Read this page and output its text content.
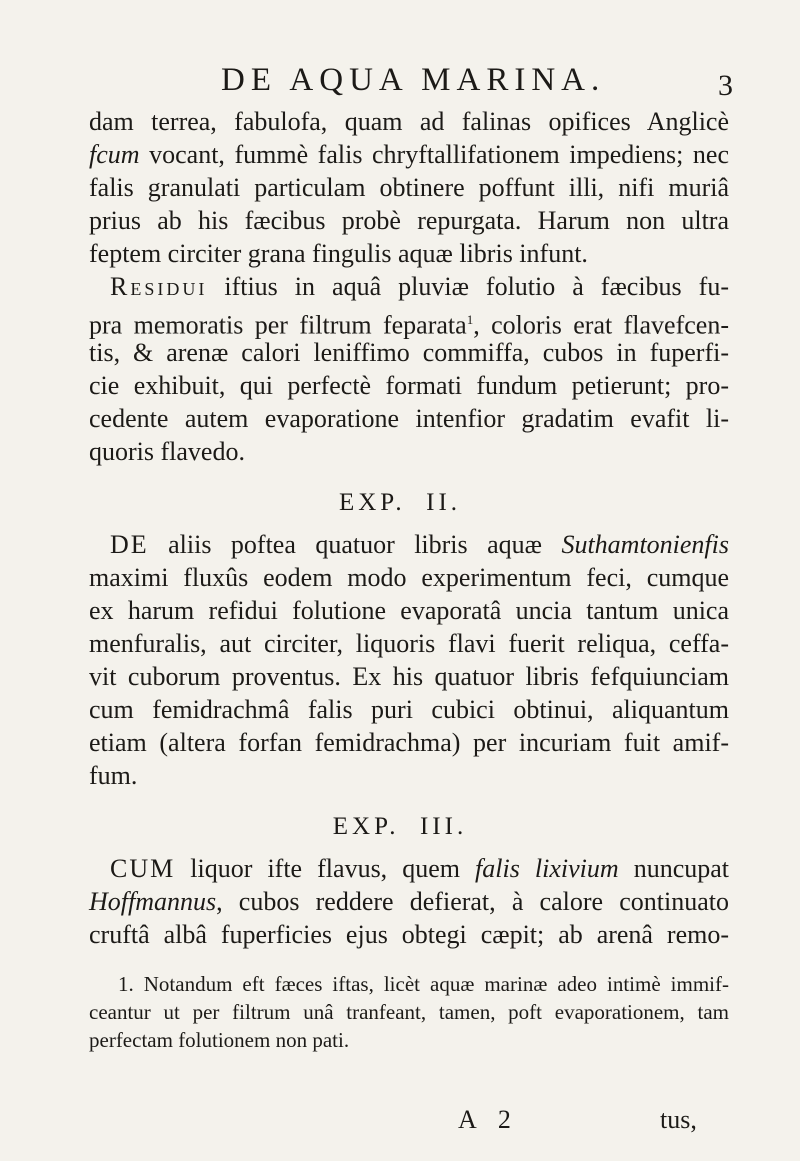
DE AQUA MARINA.	3
dam terrea, fabulofa, quam ad falinas opifices Anglicè
fcum vocant, fummè falis chryftallifationem impediens; nec
falis granulati particulam obtinere poffunt illi, nifi muriâ
prius ab his fæcibus probè repurgata. Harum non ultra
feptem circiter grana fingulis aquæ libris infunt.
Residui iftius in aquâ pluviæ folutio à fæcibus fu-
pra memoratis per filtrum feparata$^1$, coloris erat flavefcen-
tis, & arenæ calori leniffimo commiffa, cubos in fuperfi-
cie exhibuit, qui perfectè formati fundum petierunt; pro-
cedente autem evaporatione intenfior gradatim evafit li-
quoris flavedo.
EXP. II.
DE aliis poftea quatuor libris aquæ Suthamtonienfis
maximi fluxûs eodem modo experimentum feci, cumque
ex harum refidui folutione evaporatâ uncia tantum unica
menfuralis, aut circiter, liquoris flavi fuerit reliqua, ceffa-
vit cuborum proventus. Ex his quatuor libris fefquiunciam
cum femidrachmâ falis puri cubici obtinui, aliquantum
etiam (altera forfan femidrachma) per incuriam fuit amif-
fum.
EXP. III.
CUM liquor ifte flavus, quem falis lixivium nuncupat
Hoffmannus, cubos reddere defierat, à calore continuato
cruftâ albâ fuperficies ejus obtegi cæpit; ab arenâ remo-
1. Notandum eft fæces iftas, licèt aquæ marinæ adeo intimè immif-
ceantur ut per filtrum unâ tranfeant, tamen, poft evaporationem, tam
perfectam folutionem non pati.
A 2	tus,
